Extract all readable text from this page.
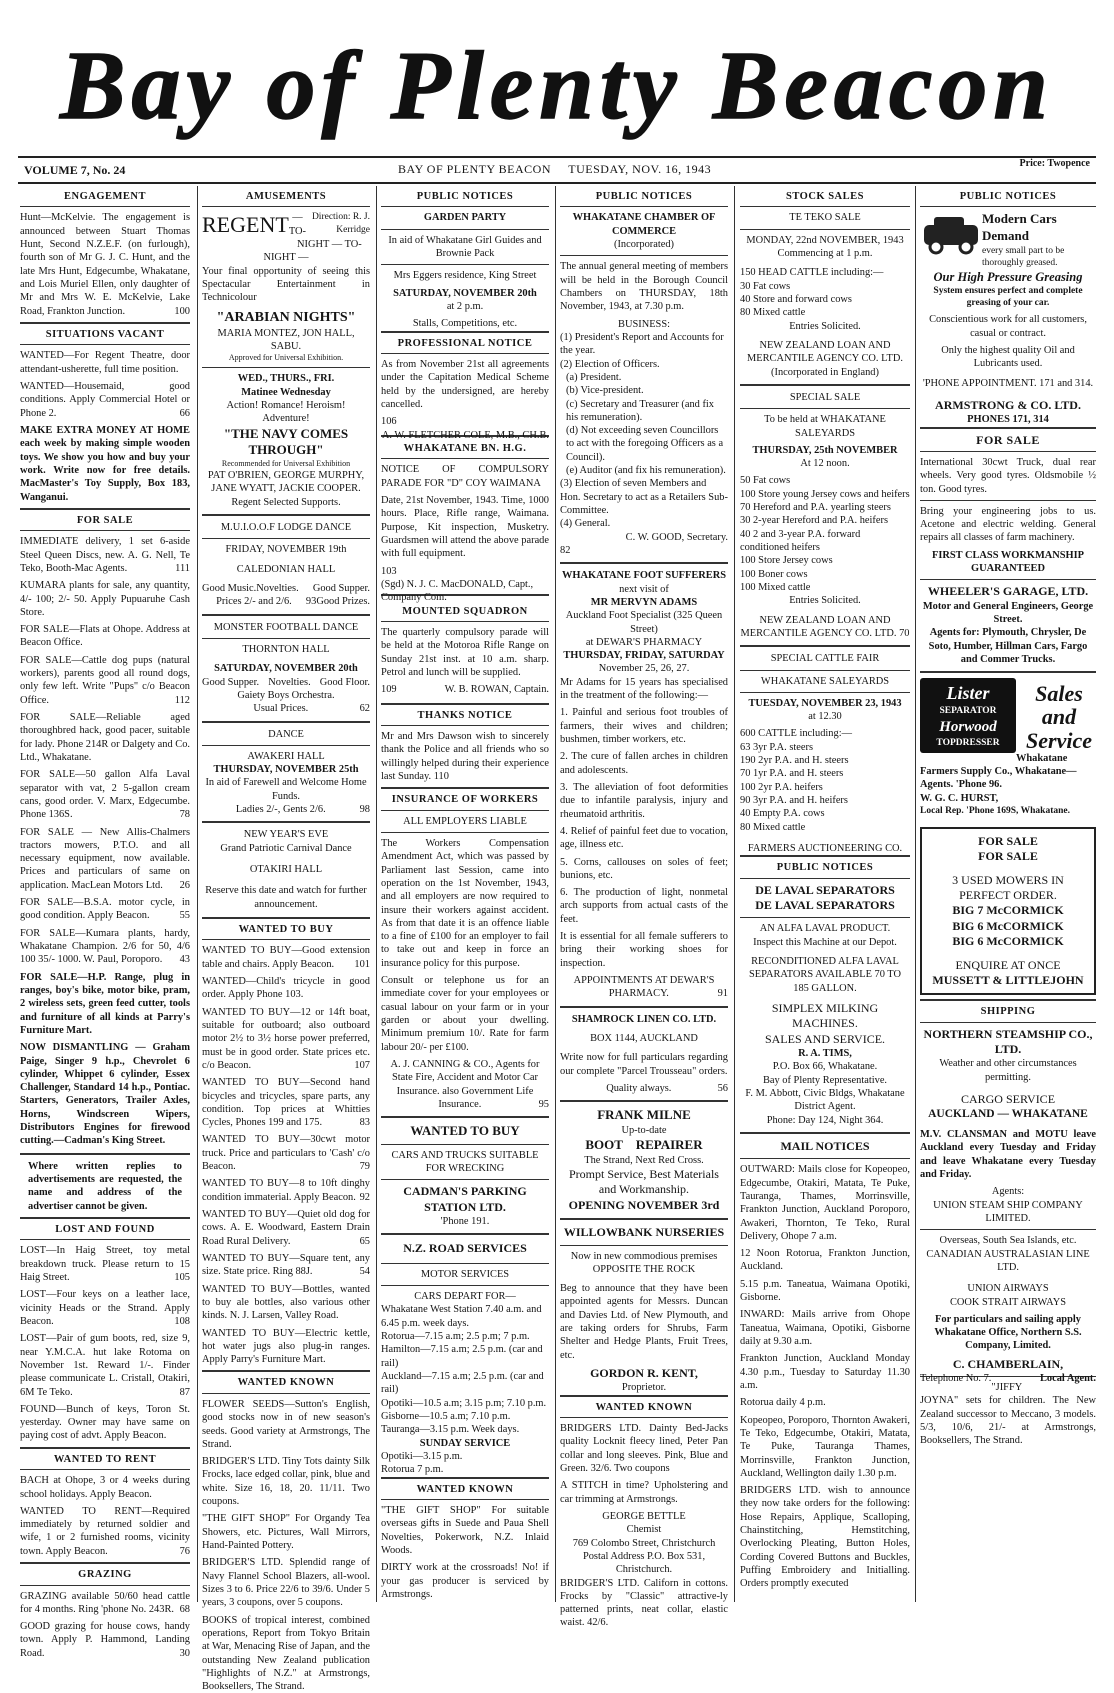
Bay of Plenty Beacon
VOLUME 7, No. 24	BAY OF PLENTY BEACON     TUESDAY, NOV. 16, 1943	Price: Twopence
ENGAGEMENT

Hunt—McKelvie. The engagement is announced between Stuart Thomas Hunt, Second N.Z.E.F. (on furlough), fourth son of Mr G. J. C. Hunt, and the late Mrs Hunt, Edgecumbe, Whakatane, and Lois Muriel Ellen, only daughter of Mr and Mrs W. E. McKelvie, Lake Road, Frankton Junction.	100

SITUATIONS VACANT

WANTED—For Regent Theatre, door attendant-usherette, full time position.

WANTED—Housemaid, good conditions. Apply Commercial Hotel or Phone 2.	66

MAKE EXTRA MONEY AT HOME each week by making simple wooden toys. We show you how and buy your work. Write now for free details. MacMaster's Toy Supply, Box 183, Wanganui.

FOR SALE

IMMEDIATE delivery, 1 set 6-aside Steel Queen Discs, new. A. G. Nell, Te Teko, Booth-Mac Agents.	111

KUMARA plants for sale, any quantity, 4/- 100; 2/- 50. Apply Pupuaruhe Cash Store.

FOR SALE—Flats at Ohope. Address at Beacon Office.

FOR SALE—Cattle dog pups (natural workers), parents good all round dogs, only few left. Write "Pups" c/o Beacon Office.	112

FOR SALE—Reliable aged thoroughbred hack, good pacer, suitable for lady. Phone 214R or Dalgety and Co. Ltd., Whakatane.

FOR SALE—50 gallon Alfa Laval separator with vat, 2 5-gallon cream cans, good order. V. Marx, Edgecumbe. Phone 136S.	78

FOR SALE — New Allis-Chalmers tractors mowers, P.T.O. and all necessary equipment, now available. Prices and particulars of same on application. MacLean Motors Ltd. 26

FOR SALE—B.S.A. motor cycle, in good condition. Apply Beacon.	55

FOR SALE—Kumara plants, hardy, Whakatane Champion. 2/6 for 50, 4/6 100 35/- 1000. W. Paul, Poroporo. 43

FOR SALE—H.P. Range, plug in ranges, boy's bike, motor bike, pram, 2 wireless sets, green feed cutter, tools and furniture of all kinds at Parry's Furniture Mart.

NOW DISMANTLING — Graham Paige, Singer 9 h.p., Chevrolet 6 cylinder, Whippet 6 cylinder, Essex Challenger, Standard 14 h.p., Pontiac. Starters, Generators, Trailer Axles, Horns, Windscreen Wipers, Distributors Engines for firewood cutting.—Cadman's King Street.

Where written replies to advertisements are requested, the name and address of the advertiser cannot be given.

LOST AND FOUND

LOST—In Haig Street, toy metal breakdown truck. Please return to 15 Haig Street.	105

LOST—Four keys on a leather lace, vicinity Heads or the Strand. Apply Beacon.	108

LOST—Pair of gum boots, red, size 9, near Y.M.C.A. hut lake Rotoma on November 1st. Reward 1/-. Finder please communicate L. Cristall, Otakiri, 6M Te Teko.	87

FOUND—Bunch of keys, Toron St. yesterday. Owner may have same on paying cost of advt. Apply Beacon.

WANTED TO RENT

BACH at Ohope, 3 or 4 weeks during school holidays. Apply Beacon.

WANTED TO RENT—Required immediately by returned soldier and wife, 1 or 2 furnished rooms, vicinity town. Apply Beacon.	76

GRAZING

GRAZING available 50/60 head cattle for 4 months. Ring 'phone No. 243R. 68

GOOD grazing for house cows, handy town. Apply P. Hammond, Landing Road.	30

AMUSEMENTS
REGENT	Direction: R. J. Kerridge
— TO-NIGHT — TO-NIGHT —

Your final opportunity of seeing this Spectacular Entertainment in Technicolour

"ARABIAN NIGHTS"
MARIA MONTEZ, JON HALL, SABU.
Approved for Universal Exhibition.
WED., THURS., FRI.
Matinee Wednesday
Action! Romance! Heroism! Adventure!
"THE NAVY COMES THROUGH"
Recommended for Universal Exhibition
PAT O'BRIEN, GEORGE MURPHY, JANE WYATT, JACKIE COOPER.
Regent Selected Supports.
M.U.I.O.O.F LODGE DANCE
FRIDAY, NOVEMBER 19th
CALEDONIAN HALL
Good Music.	Good Supper.
Novelties.
Good Prizes.
Prices 2/- and 2/6. 93
MONSTER FOOTBALL DANCE
THORNTON HALL
SATURDAY, NOVEMBER 20th
Good Supper.	Good Floor.
Novelties.
Gaiety Boys Orchestra.
Usual Prices.	62
DANCE
AWAKERI HALL
THURSDAY, NOVEMBER 25th
In aid of Farewell and Welcome Home Funds.
Ladies 2/-, Gents 2/6.	98
NEW YEAR'S EVE
Grand Patriotic Carnival Dance
OTAKIRI HALL
Reserve this date and watch for further announcement.
WANTED TO BUY

WANTED TO BUY—Good extension table and chairs. Apply Beacon. 101

WANTED—Child's tricycle in good order. Apply Phone 103.

WANTED TO BUY—12 or 14ft boat, suitable for outboard; also outboard motor 2½ to 3½ horse power preferred, must be in good order. State prices etc. c/o Beacon.	107

WANTED TO BUY—Second hand bicycles and tricycles, spare parts, any condition. Top prices at Whitties Cycles, Phones 199 and 175.	83

WANTED TO BUY—30cwt motor truck. Price and particulars to 'Cash' c/o Beacon.	79

WANTED TO BUY—8 to 10ft dinghy condition immaterial. Apply Beacon. 92

WANTED TO BUY—Quiet old dog for cows. A. E. Woodward, Eastern Drain Road Rural Delivery.	65

WANTED TO BUY—Square tent, any size. State price. Ring 88J.	54

WANTED TO BUY—Bottles, wanted to buy ale bottles, also various other kinds. N. J. Larsen, Valley Road.

WANTED TO BUY—Electric kettle, hot water jugs also plug-in ranges. Apply Parry's Furniture Mart.

WANTED KNOWN

FLOWER SEEDS—Sutton's English, good stocks now in of new season's seeds. Good variety at Armstrongs, The Strand.

BRIDGER'S LTD. Tiny Tots dainty Silk Frocks, lace edged collar, pink, blue and white. Size 16, 18, 20. 11/11. Two coupons.

"THE GIFT SHOP" For Organdy Tea Showers, etc. Pictures, Wall Mirrors, Hand-Painted Pottery.

BRIDGER'S LTD. Splendid range of Navy Flannel School Blazers, all-wool. Sizes 3 to 6. Price 22/6 to 39/6. Under 5 years, 3 coupons, over 5 coupons.

BOOKS of tropical interest, combined operations, Report from Tokyo Britain at War, Menacing Rise of Japan, and the outstanding New Zealand publication "Highlights of N.Z." at Armstrongs, Booksellers, The Strand.

PUBLIC NOTICES
GARDEN PARTY
In aid of Whakatane Girl Guides and Brownie Pack
Mrs Eggers residence, King Street
SATURDAY, NOVEMBER 20th
at 2 p.m.
Stalls, Competitions, etc.
PROFESSIONAL NOTICE

As from November 21st all agreements under the Capitation Medical Scheme held by the undersigned, are hereby cancelled.

106
A. W. FLETCHER COLE, M.B., CH.B.
WHAKATANE BN. H.G.

NOTICE OF COMPULSORY PARADE FOR "D" COY WAIMANA

Date, 21st November, 1943. Time, 1000 hours. Place, Rifle range, Waimana. Purpose, Kit inspection, Musketry. Guardsmen will attend the above parade with full equipment.

103
(Sgd) N. J. C. MacDONALD, Capt., Company Com.
MOUNTED SQUADRON

The quarterly compulsory parade will be held at the Motoroa Rifle Range on Sunday 21st inst. at 10 a.m. sharp. Petrol and lunch will be supplied.

109	W. B. ROWAN, Captain.
THANKS NOTICE

Mr and Mrs Dawson wish to sincerely thank the Police and all friends who so willingly helped during their experience last Sunday. 110

INSURANCE OF WORKERS
ALL EMPLOYERS LIABLE

The Workers Compensation Amendment Act, which was passed by Parliament last Session, came into operation on the 1st November, 1943, and all employers are now required to insure their workers against accident. As from that date it is an offence liable to a fine of £100 for an employer to fail to take out and keep in force an insurance policy for this purpose.

Consult or telephone us for an immediate cover for your employees or casual labour on your farm or in your garden or about your dwelling. Minimum premium 10/. Rate for farm labour 20/- per £100.

A. J. CANNING & CO., Agents for State Fire, Accident and Motor Car Insurance. also Government Life Insurance.	95

WANTED TO BUY
CARS AND TRUCKS SUITABLE FOR WRECKING
CADMAN'S PARKING STATION LTD.
'Phone 191.
N.Z. ROAD SERVICES
MOTOR SERVICES
CARS DEPART FOR—
Whakatane West Station 7.40 a.m. and 6.45 p.m. week days.
Rotorua—7.15 a.m; 2.5 p.m; 7 p.m.
Hamilton—7.15 a.m; 2.5 p.m. (car and rail)
Auckland—7.15 a.m; 2.5 p.m. (car and rail)
Opotiki—10.5 a.m; 3.15 p.m; 7.10 p.m.
Gisborne—10.5 a.m; 7.10 p.m.
Tauranga—3.15 p.m. Week days.
SUNDAY SERVICE
Opotiki—3.15 p.m.
Rotorua 7 p.m.
WANTED KNOWN

"THE GIFT SHOP" For suitable overseas gifts in Suede and Paua Shell Novelties, Pokerwork, N.Z. Inlaid Woods.

DIRTY work at the crossroads! No! if your gas producer is serviced by Armstrongs.

PUBLIC NOTICES
WHAKATANE CHAMBER OF COMMERCE
(Incorporated)

The annual general meeting of members will be held in the Borough Council Chambers on THURSDAY, 18th November, 1943, at 7.30 p.m.

BUSINESS:
(1) President's Report and Accounts for the year.
(2) Election of Officers.
(a) President.
(b) Vice-president.
(c) Secretary and Treasurer (and fix his remuneration).
(d) Not exceeding seven Councillors to act with the foregoing Officers as a Council).
(e) Auditor (and fix his remuneration).
(3) Election of seven Members and Hon. Secretary to act as a Retailers Sub-Committee.
(4) General.
C. W. GOOD, Secretary.
82
WHAKATANE FOOT SUFFERERS
next visit of
MR MERVYN ADAMS
Auckland Foot Specialist (325 Queen Street)
at DEWAR'S PHARMACY
THURSDAY, FRIDAY, SATURDAY
November 25, 26, 27.

Mr Adams for 15 years has specialised in the treatment of the following:—

1. Painful and serious foot troubles of farmers, their wives and children; bushmen, timber workers, etc.

2. The cure of fallen arches in children and adolescents.

3. The alleviation of foot deformities due to infantile paralysis, injury and rheumatoid arthritis.

4. Relief of painful feet due to vocation, age, illness etc.

5. Corns, callouses on soles of feet; bunions, etc.

6. The production of light, nonmetal arch supports from actual casts of the feet.

It is essential for all female sufferers to bring their working shoes for inspection.

APPOINTMENTS AT DEWAR'S PHARMACY.	91

SHAMROCK LINEN CO. LTD.
BOX 1144, AUCKLAND

Write now for full particulars regarding our complete "Parcel Trousseau" orders.

Quality always.	56
FRANK MILNE
Up-to-date
BOOT    REPAIRER
The Strand, Next Red Cross.
Prompt Service, Best Materials and Workmanship.
OPENING NOVEMBER 3rd
WILLOWBANK NURSERIES
Now in new commodious premises OPPOSITE THE ROCK

Beg to announce that they have been appointed agents for Messrs. Duncan and Davies Ltd. of New Plymouth, and are taking orders for Shrubs, Farm Shelter and Hedge Plants, Fruit Trees, etc.

GORDON R. KENT,
Proprietor.
WANTED KNOWN

BRIDGERS LTD. Dainty Bed-Jacks quality Locknit fleecy lined, Peter Pan collar and long sleeves. Pink, Blue and Green. 32/6. Two coupons

A STITCH in time? Upholstering and car trimming at Armstrongs.

GEORGE BETTLE
Chemist
769 Colombo Street, Christchurch
Postal Address P.O. Box 531, Christchurch.

BRIDGER'S LTD. Californ in cottons. Frocks by "Classic" attractive-ly patterned prints, neat collar, elastic waist. 42/6.

STOCK SALES
TE TEKO SALE
MONDAY, 22nd NOVEMBER, 1943
Commencing at 1 p.m.
150 HEAD CATTLE including:—
30 Fat cows
40 Store and forward cows
80 Mixed cattle
Entries Solicited.
NEW ZEALAND LOAN AND MERCANTILE AGENCY CO. LTD. (Incorporated in England)
SPECIAL SALE
To be held at WHAKATANE SALEYARDS
THURSDAY, 25th NOVEMBER
At 12 noon.
50 Fat cows
100 Store young Jersey cows and heifers
70 Hereford and P.A. yearling steers
30 2-year Hereford and P.A. heifers
40 2 and 3-year P.A. forward conditioned heifers
100 Store Jersey cows
100 Boner cows
100 Mixed cattle
Entries Solicited.
NEW ZEALAND LOAN AND MERCANTILE AGENCY CO. LTD. 70
SPECIAL CATTLE FAIR
WHAKATANE SALEYARDS
TUESDAY, NOVEMBER 23, 1943
at 12.30
600 CATTLE including:—
63 3yr P.A. steers
190 2yr P.A. and H. steers
70 1yr P.A. and H. steers
100 2yr P.A. heifers
90 3yr P.A. and H. heifers
40 Empty P.A. cows
80 Mixed cattle
FARMERS AUCTIONEERING CO.
PUBLIC NOTICES
DE LAVAL SEPARATORS
DE LAVAL SEPARATORS
AN ALFA LAVAL PRODUCT.
Inspect this Machine at our Depot.
RECONDITIONED ALFA LAVAL SEPARATORS AVAILABLE 70 TO 185 GALLON.
SIMPLEX MILKING MACHINES.
SALES AND SERVICE.
R. A. TIMS,
P.O. Box 66, Whakatane.
Bay of Plenty Representative.
F. M. Abbott, Civic Bldgs, Whakatane District Agent.
Phone: Day 124, Night 364.
MAIL NOTICES

OUTWARD: Mails close for Kopeopeo, Edgecumbe, Otakiri, Matata, Te Puke, Tauranga, Thames, Morrinsville, Frankton Junction, Auckland Poroporo, Awakeri, Thornton, Te Teko, Rural Delivery, Ohope 7 a.m.

12 Noon Rotorua, Frankton Junction, Auckland.

5.15 p.m. Taneatua, Waimana Opotiki, Gisborne.

INWARD: Mails arrive from Ohope Taneatua, Waimana, Opotiki, Gisborne daily at 9.30 a.m.

Frankton Junction, Auckland Monday 4.30 p.m., Tuesday to Saturday 11.30 a.m.

Rotorua daily 4 p.m.

Kopeopeo, Poroporo, Thornton Awakeri, Te Teko, Edgecumbe, Otakiri, Matata, Te Puke, Tauranga Thames, Morrinsville, Frankton Junction, Auckland, Wellington daily 1.30 p.m.

BRIDGERS LTD. wish to announce they now take orders for the following: Hose Repairs, Applique, Scalloping, Chainstitching, Hemstitching, Overlocking Pleating, Button Holes, Cording Covered Buttons and Buckles, Puffing Embroidery and Initialling. Orders promptly executed

PUBLIC NOTICES
Modern Cars Demand
every small part to be thoroughly greased.
Our High Pressure Greasing
System ensures perfect and complete greasing of your car.
Conscientious work for all customers, casual or contract.
Only the highest quality Oil and Lubricants used.
'PHONE APPOINTMENT. 171 and 314.
ARMSTRONG & CO. LTD.
PHONES 171, 314
FOR SALE

International 30cwt Truck, dual rear wheels. Very good tyres. Oldsmobile ½ ton. Good tyres.

Bring your engineering jobs to us. Acetone and electric welding. General repairs all classes of farm machinery.

FIRST CLASS WORKMANSHIP GUARANTEED
WHEELER'S GARAGE, LTD.
Motor and General Engineers, George Street.
Agents for: Plymouth, Chrysler, De Soto, Humber, Hillman Cars, Fargo and Commer Trucks.
Lister
SEPARATOR
Horwood
TOPDRESSER
Sales and Service
Whakatane Farmers Supply Co., Whakatane— Agents. 'Phone 96.
W. G. C. HURST,
Local Rep. 'Phone 169S, Whakatane.
FOR SALE
FOR SALE
3 USED MOWERS IN PERFECT ORDER.
BIG 7 McCORMICK
BIG 6 McCORMICK
BIG 6 McCORMICK
ENQUIRE AT ONCE
MUSSETT & LITTLEJOHN
SHIPPING
NORTHERN STEAMSHIP CO., LTD.
Weather and other circumstances permitting.
CARGO SERVICE
AUCKLAND — WHAKATANE

M.V. CLANSMAN and MOTU leave Auckland every Tuesday and Friday and leave Whakatane every Tuesday and Friday.

Agents:
UNION STEAM SHIP COMPANY LIMITED.
Overseas, South Sea Islands, etc.
CANADIAN AUSTRALASIAN LINE LTD.
UNION AIRWAYS
COOK STRAIT AIRWAYS

For particulars and sailing apply Whakatane Office, Northern S.S. Company, Limited.

C. CHAMBERLAIN,
Telephone No. 7.	Local Agent.

"JIFFY JOYNA" sets for children. The New Zealand successor to Meccano, 3 models. 5/3, 10/6, 21/- at Armstrongs, Booksellers, The Strand.
